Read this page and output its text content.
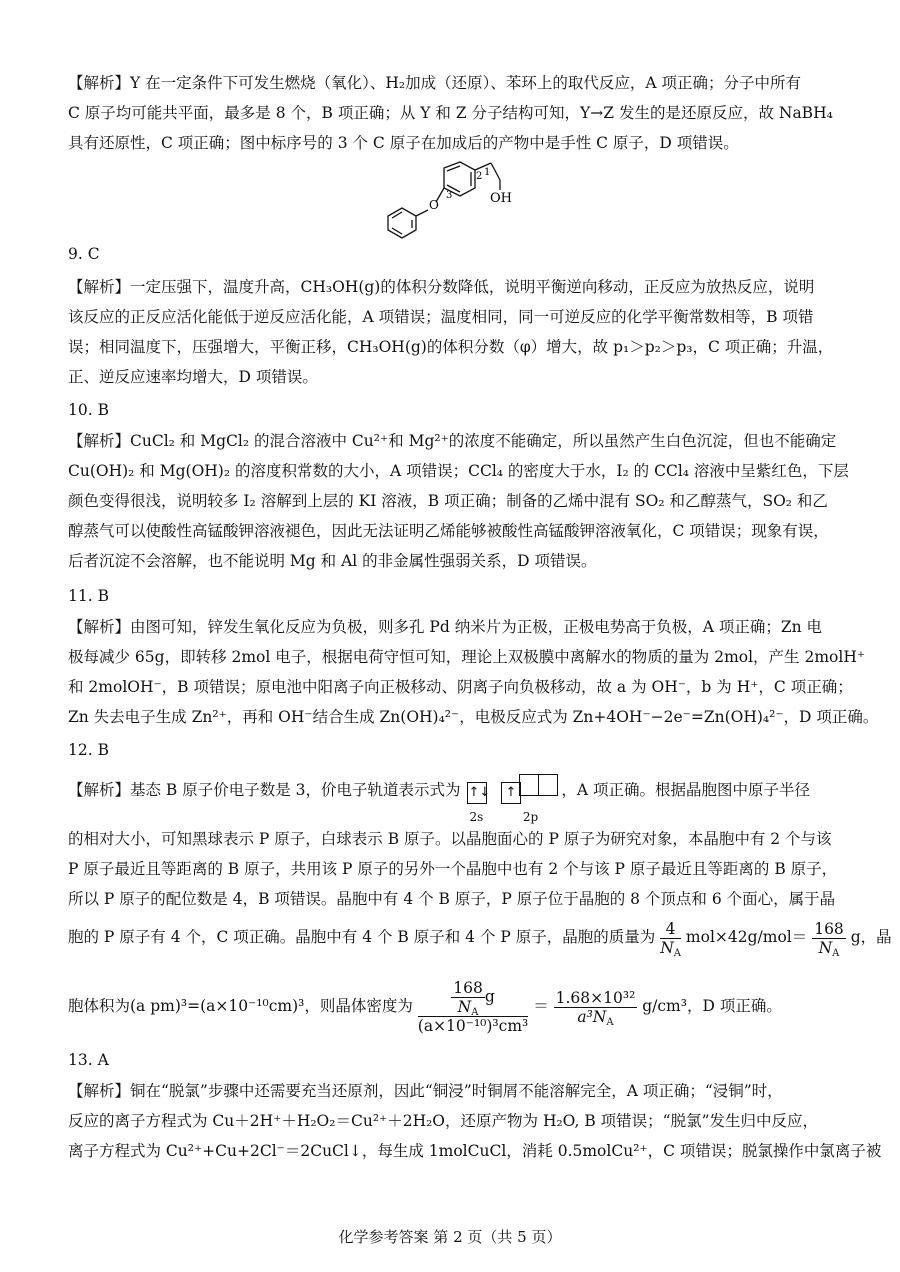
【解析】Y 在一定条件下可发生燃烧（氧化）、H₂加成（还原）、苯环上的取代反应，A 项正确；分子中所有
C 原子均可能共平面，最多是 8 个，B 项正确；从 Y 和 Z 分子结构可知，Y→Z 发生的是还原反应，故 NaBH₄
具有还原性，C 项正确；图中标序号的 3 个 C 原子在加成后的产物中是手性 C 原子，D 项错误。
2 1
3
O	OH
9. C
【解析】一定压强下，温度升高，CH₃OH(g)的体积分数降低，说明平衡逆向移动，正反应为放热反应，说明
该反应的正反应活化能低于逆反应活化能，A 项错误；温度相同，同一可逆反应的化学平衡常数相等，B 项错
误；相同温度下，压强增大，平衡正移，CH₃OH(g)的体积分数（φ）增大，故 p₁＞p₂＞p₃，C 项正确；升温，
正、逆反应速率均增大，D 项错误。
10. B
【解析】CuCl₂ 和 MgCl₂ 的混合溶液中 Cu²⁺和 Mg²⁺的浓度不能确定，所以虽然产生白色沉淀，但也不能确定
Cu(OH)₂ 和 Mg(OH)₂ 的溶度积常数的大小，A 项错误；CCl₄ 的密度大于水，I₂ 的 CCl₄ 溶液中呈紫红色，下层
颜色变得很浅，说明较多 I₂ 溶解到上层的 KI 溶液，B 项正确；制备的乙烯中混有 SO₂ 和乙醇蒸气，SO₂ 和乙
醇蒸气可以使酸性高锰酸钾溶液褪色，因此无法证明乙烯能够被酸性高锰酸钾溶液氧化，C 项错误；现象有误，
后者沉淀不会溶解，也不能说明 Mg 和 Al 的非金属性强弱关系，D 项错误。
11. B
【解析】由图可知，锌发生氧化反应为负极，则多孔 Pd 纳米片为正极，正极电势高于负极，A 项正确；Zn 电
极每减少 65g，即转移 2mol 电子，根据电荷守恒可知，理论上双极膜中离解水的物质的量为 2mol，产生 2molH⁺
和 2molOH⁻，B 项错误；原电池中阳离子向正极移动、阴离子向负极移动，故 a 为 OH⁻，b 为 H⁺，C 项正确；
Zn 失去电子生成 Zn²⁺，再和 OH⁻结合生成 Zn(OH)₄²⁻，电极反应式为 Zn+4OH⁻−2e⁻=Zn(OH)₄²⁻，D 项正确。
12. B
【解析】基态 B 原子价电子数是 3，价电子轨道表示式为 ↑↓
2s
↑
2p
，A 项正确。根据晶胞图中原子半径
的相对大小，可知黑球表示 P 原子，白球表示 B 原子。以晶胞面心的 P 原子为研究对象，本晶胞中有 2 个与该
P 原子最近且等距离的 B 原子，共用该 P 原子的另外一个晶胞中也有 2 个与该 P 原子最近且等距离的 B 原子，
所以 P 原子的配位数是 4，B 项错误。晶胞中有 4 个 B 原子，P 原子位于晶胞的 8 个顶点和 6 个面心，属于晶
胞的 P 原子有 4 个，C 项正确。晶胞中有 4 个 B 原子和 4 个 P 原子，晶胞的质量为 $\frac{4}{N_A} mol\times 42g/mol= \frac{168}{N_A}$ g，晶
胞体积为(a pm)³=(a×10⁻¹⁰cm)³，则晶体密度为 $\frac{\frac{168}{N_A} g}{\text{(a×10⁻¹⁰)³cm³}} = \frac{\text{1.68×10³²}}{a^3N_A} g/cm^3$，D 项正确。
13. A
【解析】铜在“脱氯”步骤中还需要充当还原剂，因此“铜浸”时铜屑不能溶解完全，A 项正确；“浸铜”时，
反应的离子方程式为 Cu＋2H⁺＋H₂O₂＝Cu²⁺＋2H₂O，还原产物为 H₂O, B 项错误；“脱氯”发生归中反应，
离子方程式为 Cu²⁺+Cu+2Cl⁻＝2CuCl↓，每生成 1molCuCl，消耗 0.5molCu²⁺，C 项错误；脱氯操作中氯离子被
化学参考答案 第 2 页（共 5 页）
